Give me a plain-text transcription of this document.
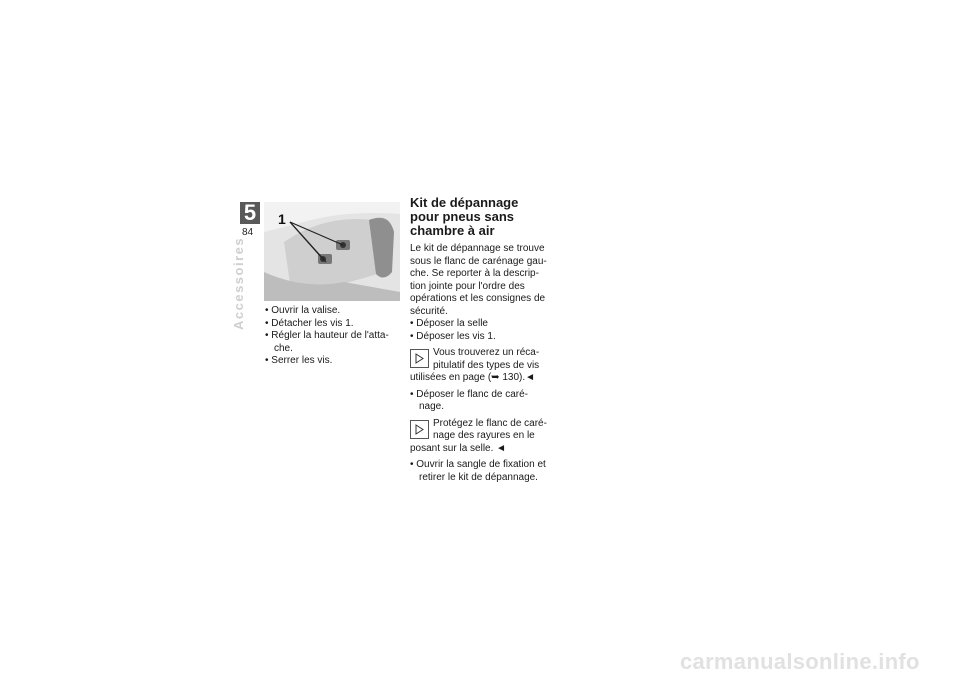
5
84
Accessoires
1
• Ouvrir la valise.
• Détacher les vis 1.
• Régler la hauteur de l'atta- che.
• Serrer les vis.
Kit de dépannage pour pneus sans chambre à air

Le kit de dépannage se trouve sous le flanc de carénage gau- che. Se reporter à la descrip- tion jointe pour l'ordre des opérations et les consignes de sécurité.

• Déposer la selle
• Déposer les vis 1.

Vous trouverez un réca- pitulatif des types de vis utilisées en page (➥ 130).◄

• Déposer le flanc de caré- nage.

Protégez le flanc de caré- nage des rayures en le posant sur la selle. ◄

• Ouvrir la sangle de fixation et retirer le kit de dépannage.
carmanualsonline.info
